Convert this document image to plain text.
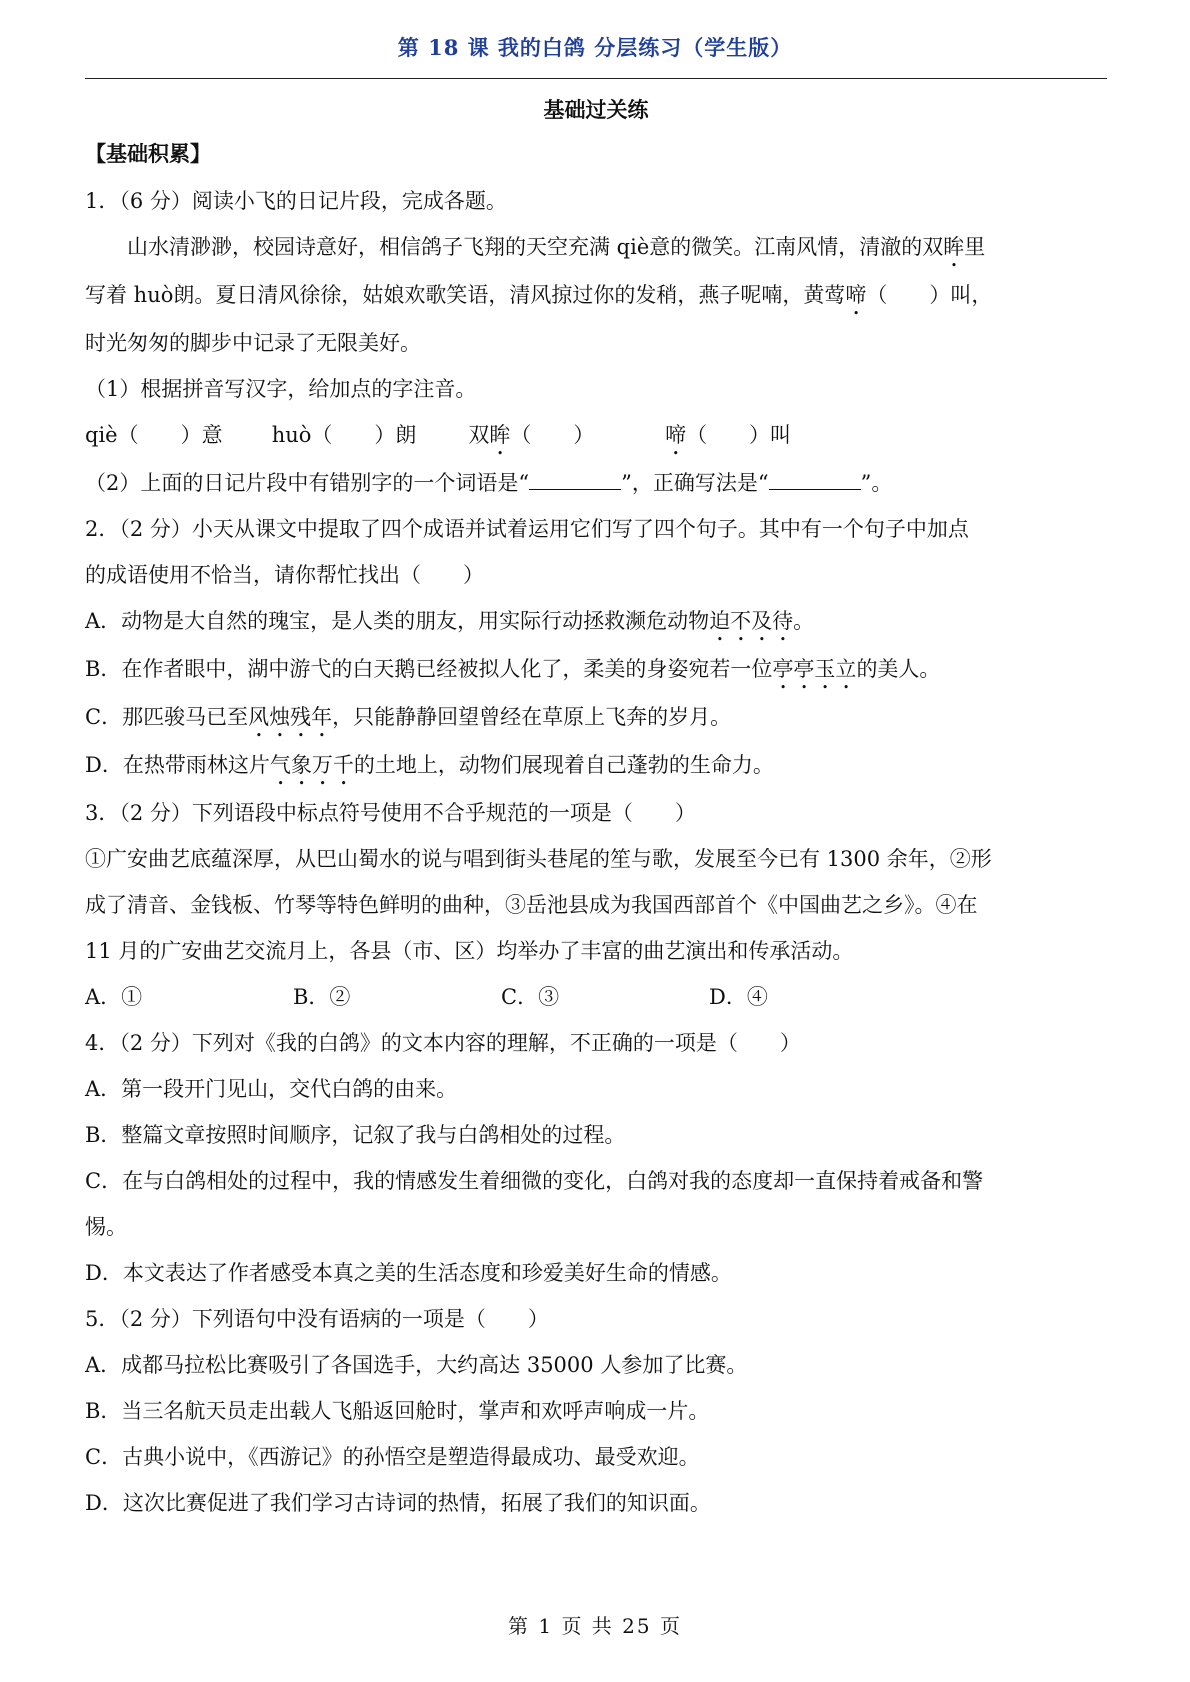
第 18 课 我的白鸽 分层练习（学生版）
基础过关练
【基础积累】
1．（6 分）阅读小飞的日记片段，完成各题。
山水清渺渺，校园诗意好，相信鸽子飞翔的天空充满 qiè意的微笑。江南风情，清澈的双眸里
写着 huò朗。夏日清风徐徐，姑娘欢歌笑语，清风掠过你的发稍，燕子呢喃，黄莺啼（　　）叫，
时光匆匆的脚步中记录了无限美好。
（1）根据拼音写汉字，给加点的字注音。
qiè（　　）意 huò（　　）朗 双眸（　　）	啼（　　）叫
（2）上面的日记片段中有错别字的一个词语是“	”，正确写法是“	”。
2．（2 分）小天从课文中提取了四个成语并试着运用它们写了四个句子。其中有一个句子中加点
的成语使用不恰当，请你帮忙找出（　　）
A．动物是大自然的瑰宝，是人类的朋友，用实际行动拯救濒危动物迫不及待。
B．在作者眼中，湖中游弋的白天鹅已经被拟人化了，柔美的身姿宛若一位亭亭玉立的美人。
C．那匹骏马已至风烛残年，只能静静回望曾经在草原上飞奔的岁月。
D．在热带雨林这片气象万千的土地上，动物们展现着自己蓬勃的生命力。
3．（2 分）下列语段中标点符号使用不合乎规范的一项是（　　）
①广安曲艺底蕴深厚，从巴山蜀水的说与唱到街头巷尾的笙与歌，发展至今已有 1300 余年，②形
成了清音、金钱板、竹琴等特色鲜明的曲种，③岳池县成为我国西部首个《中国曲艺之乡》。④在
11 月的广安曲艺交流月上，各县（市、区）均举办了丰富的曲艺演出和传承活动。
A．①	B．②	C．③	D．④
4．（2 分）下列对《我的白鸽》的文本内容的理解，不正确的一项是（　　）
A．第一段开门见山，交代白鸽的由来。
B．整篇文章按照时间顺序，记叙了我与白鸽相处的过程。
C．在与白鸽相处的过程中，我的情感发生着细微的变化，白鸽对我的态度却一直保持着戒备和警
惕。
D．本文表达了作者感受本真之美的生活态度和珍爱美好生命的情感。
5．（2 分）下列语句中没有语病的一项是（　　）
A．成都马拉松比赛吸引了各国选手，大约高达 35000 人参加了比赛。
B．当三名航天员走出载人飞船返回舱时，掌声和欢呼声响成一片。
C．古典小说中，《西游记》的孙悟空是塑造得最成功、最受欢迎。
D．这次比赛促进了我们学习古诗词的热情，拓展了我们的知识面。
第 1 页 共 25 页
